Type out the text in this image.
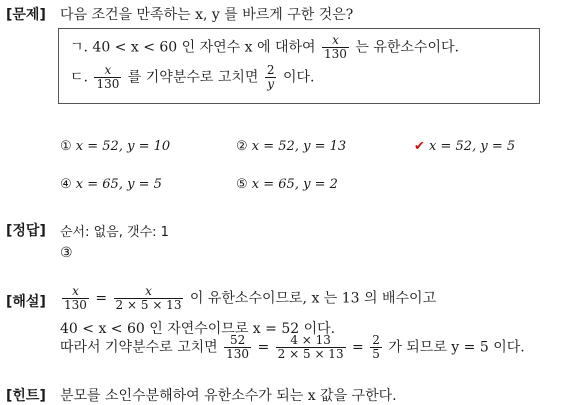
[문제] 다음 조건을 만족하는 x, y 를 바르게 구한 것은?
ㄱ. 40 < x < 60 인 자연수 x 에 대하여 $\frac{x}{130}$ 는 유한소수이다.
ㄷ. $\frac{x}{130}$ 를 기약분수로 고치면 $\frac{2}{y}$ 이다.
① x = 52, y = 10	② x = 52, y = 13	✔ x = 52, y = 5
④ x = 65, y = 5	⑤ x = 65, y = 2
[정답] 순서: 없음, 갯수: 1
③
[해설] $\frac{x}{130} = \frac{x}{2 \times 5 \times 13}$ 이 유한소수이므로, x 는 13 의 배수이고
40 < x < 60 인 자연수이므로 x = 52 이다.
따라서 기약분수로 고치면 $\frac{52}{130} = \frac{4 \times 13}{2 \times 5 \times 13} = \frac{2}{5}$ 가 되므로 y = 5 이다.
[힌트] 분모를 소인수분해하여 유한소수가 되는 x 값을 구한다.
